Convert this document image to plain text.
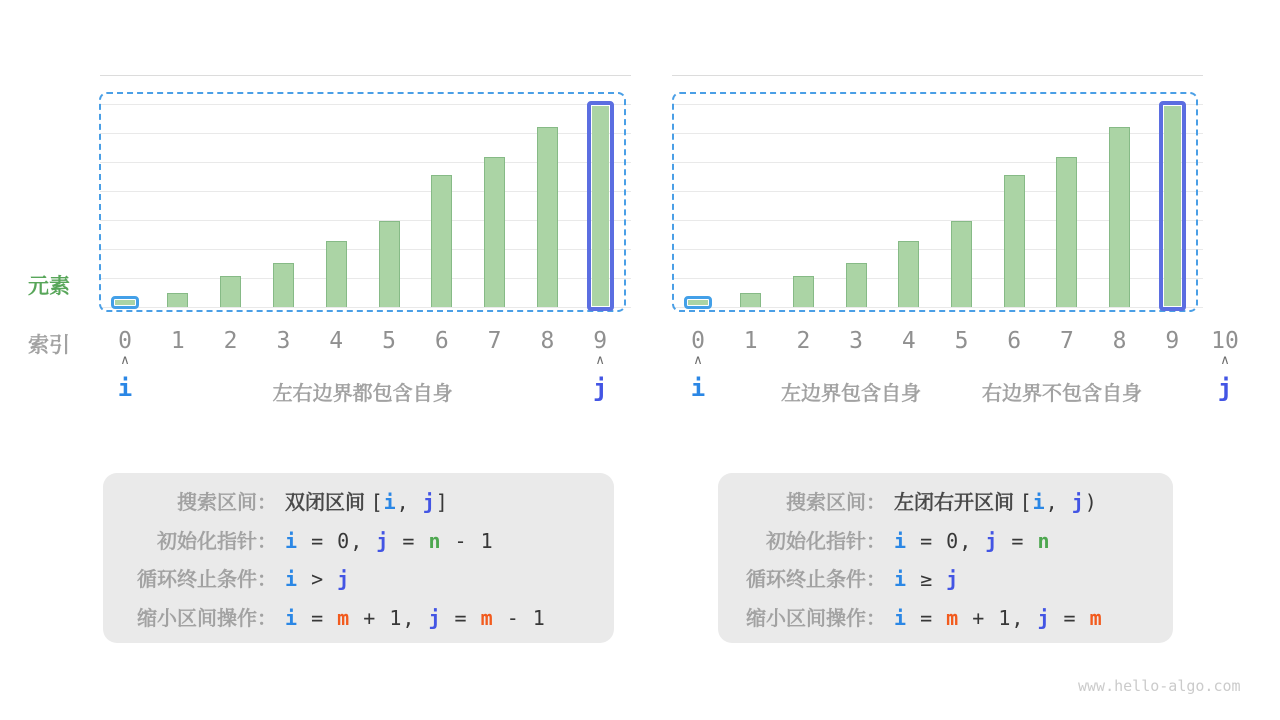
元素
索引 0 1 2 3 4 5 6 7 8 9
∧
i
∧
j
左右边界都包含自身
0 1 2 3 4 5 6 7 8 9 10
∧
i
∧
j
左边界包含自身	右边界不包含自身
搜索区间： 双闭区间 [i, j]
初始化指针： i = 0, j = n - 1
循环终止条件： i > j
缩小区间操作： i = m + 1, j = m - 1
搜索区间： 左闭右开区间 [i, j)
初始化指针： i = 0, j = n
循环终止条件： i ≥ j
缩小区间操作： i = m + 1, j = m
www.hello-algo.com
